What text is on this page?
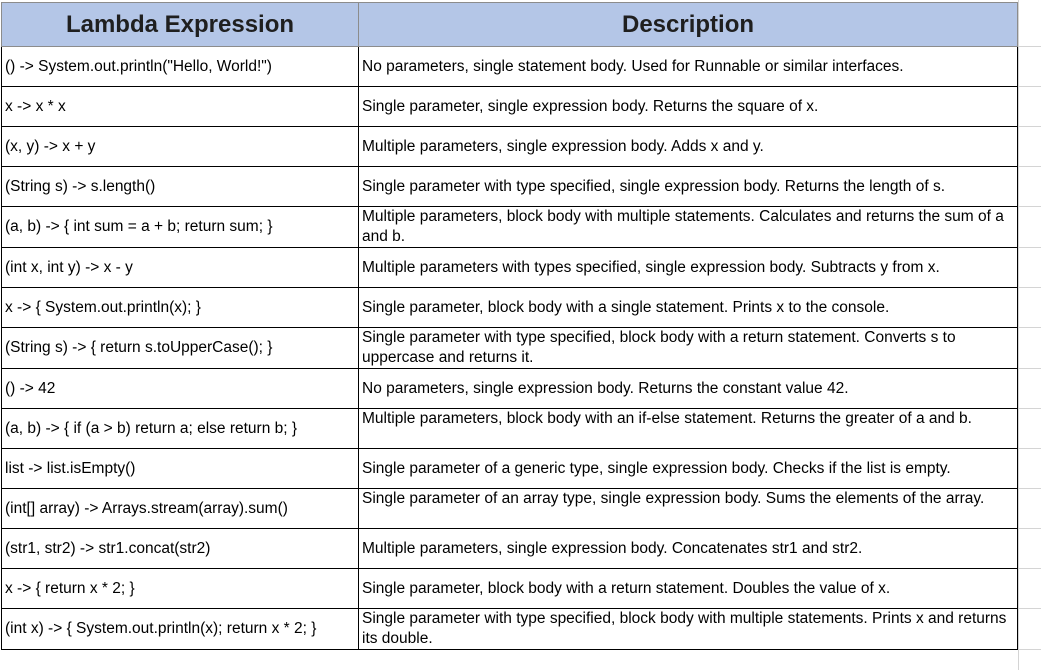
Lambda Expression	Description
() -> System.out.println("Hello, World!")	No parameters, single statement body. Used for Runnable or similar interfaces.
x -> x * x	Single parameter, single expression body. Returns the square of x.
(x, y) -> x + y	Multiple parameters, single expression body. Adds x and y.
(String s) -> s.length()	Single parameter with type specified, single expression body. Returns the length of s.
(a, b) -> { int sum = a + b; return sum; }	Multiple parameters, block body with multiple statements. Calculates and returns the sum of a and b.
(int x, int y) -> x - y	Multiple parameters with types specified, single expression body. Subtracts y from x.
x -> { System.out.println(x); }	Single parameter, block body with a single statement. Prints x to the console.
(String s) -> { return s.toUpperCase(); }	Single parameter with type specified, block body with a return statement. Converts s to uppercase and returns it.
() -> 42	No parameters, single expression body. Returns the constant value 42.
(a, b) -> { if (a > b) return a; else return b; }	Multiple parameters, block body with an if-else statement. Returns the greater of a and b.
list -> list.isEmpty()	Single parameter of a generic type, single expression body. Checks if the list is empty.
(int[] array) -> Arrays.stream(array).sum()	Single parameter of an array type, single expression body. Sums the elements of the array.
(str1, str2) -> str1.concat(str2)	Multiple parameters, single expression body. Concatenates str1 and str2.
x -> { return x * 2; }	Single parameter, block body with a return statement. Doubles the value of x.
(int x) -> { System.out.println(x); return x * 2; }	Single parameter with type specified, block body with multiple statements. Prints x and returns its double.
